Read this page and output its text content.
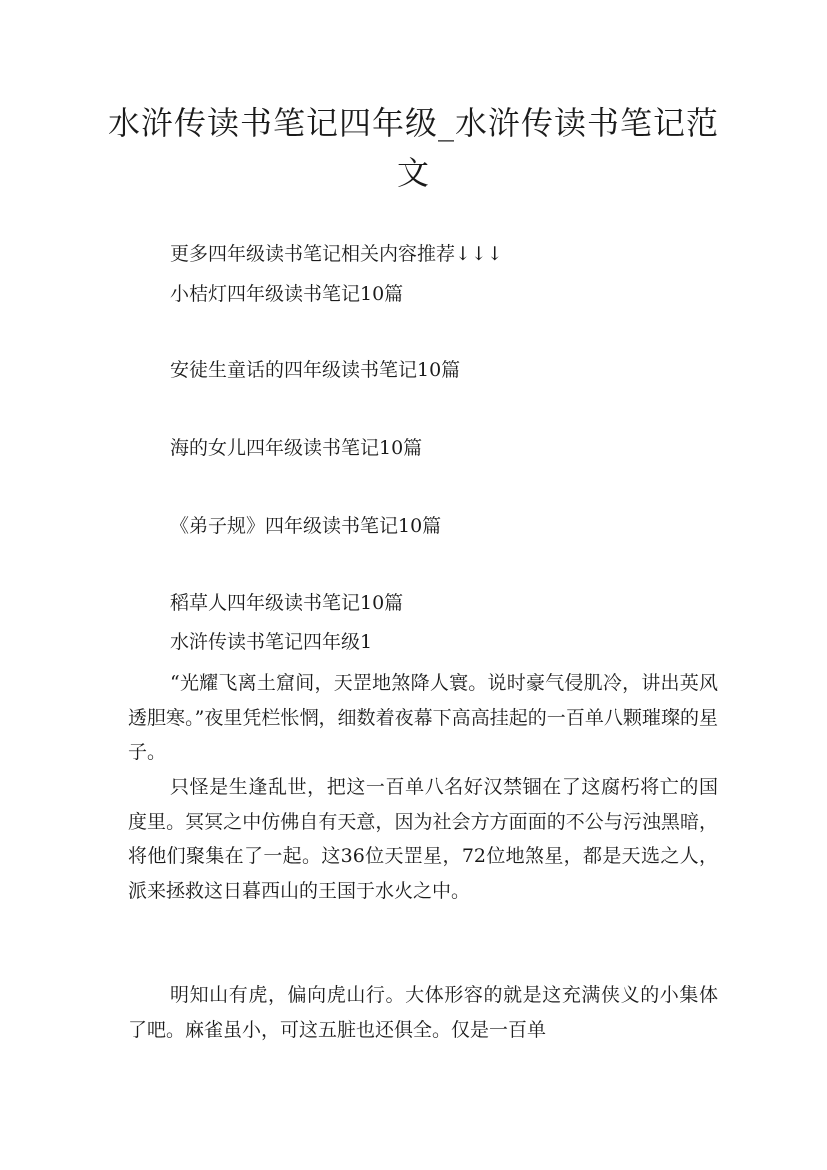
水浒传读书笔记四年级_水浒传读书笔记范
文

更多四年级读书笔记相关内容推荐↓↓↓

小桔灯四年级读书笔记10篇

安徒生童话的四年级读书笔记10篇

海的女儿四年级读书笔记10篇

《弟子规》四年级读书笔记10篇

稻草人四年级读书笔记10篇

水浒传读书笔记四年级1

“光耀飞离土窟间，天罡地煞降人寰。说时豪气侵肌冷，讲出英风透胆寒。”夜里凭栏怅惘，细数着夜幕下高高挂起的一百单八颗璀璨的星子。

只怪是生逢乱世，把这一百单八名好汉禁锢在了这腐朽将亡的国度里。冥冥之中仿佛自有天意，因为社会方方面面的不公与污浊黑暗，将他们聚集在了一起。这36位天罡星，72位地煞星，都是天选之人，派来拯救这日暮西山的王国于水火之中。

明知山有虎，偏向虎山行。大体形容的就是这充满侠义的小集体了吧。麻雀虽小，可这五脏也还俱全。仅是一百单
